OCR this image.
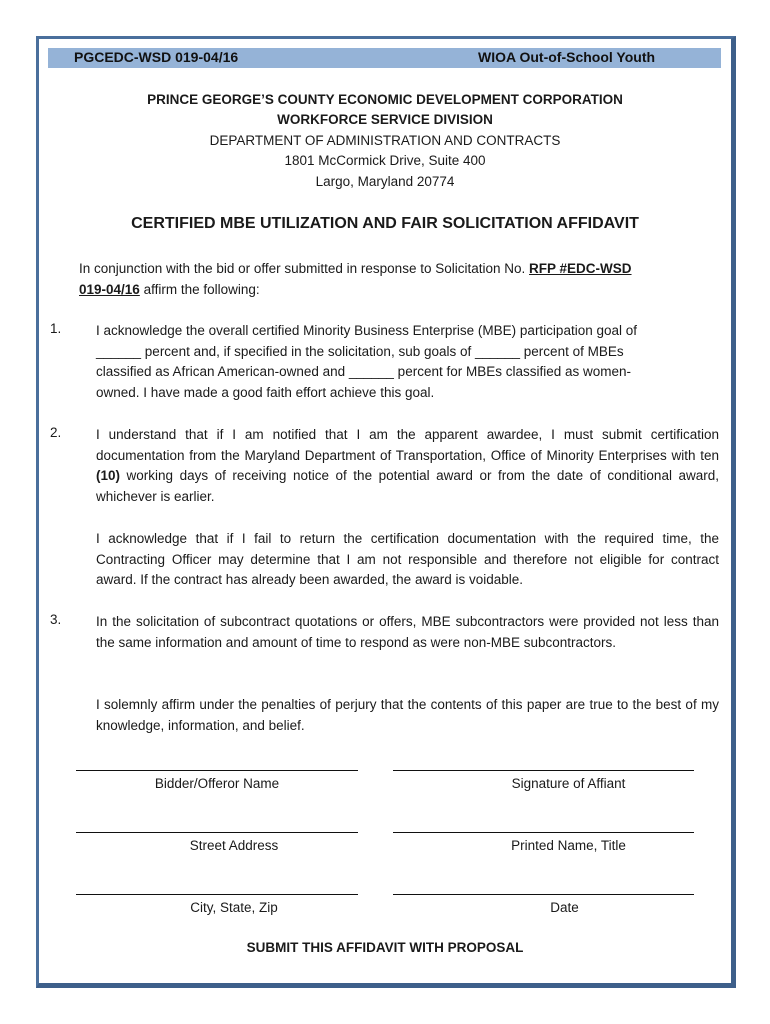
PGCEDC-WSD 019-04/16	WIOA Out-of-School Youth
PRINCE GEORGE’S COUNTY ECONOMIC DEVELOPMENT CORPORATION
WORKFORCE SERVICE DIVISION
DEPARTMENT OF ADMINISTRATION AND CONTRACTS
1801 McCormick Drive, Suite 400
Largo, Maryland 20774
CERTIFIED MBE UTILIZATION AND FAIR SOLICITATION AFFIDAVIT
In conjunction with the bid or offer submitted in response to Solicitation No. RFP #EDC-WSD
019-04/16 affirm the following:
1.	I acknowledge the overall certified Minority Business Enterprise (MBE) participation goal of
______ percent and, if specified in the solicitation, sub goals of ______ percent of MBEs
classified as African American-owned and ______ percent for MBEs classified as women-
owned. I have made a good faith effort achieve this goal.
2.	I understand that if I am notified that I am the apparent awardee, I must submit certification documentation from the Maryland Department of Transportation, Office of Minority Enterprises with ten (10) working days of receiving notice of the potential award or from the date of conditional award, whichever is earlier.
I acknowledge that if I fail to return the certification documentation with the required time, the Contracting Officer may determine that I am not responsible and therefore not eligible for contract award. If the contract has already been awarded, the award is voidable.
3.	In the solicitation of subcontract quotations or offers, MBE subcontractors were provided not less than the same information and amount of time to respond as were non-MBE subcontractors.
I solemnly affirm under the penalties of perjury that the contents of this paper are true to the best of my knowledge, information, and belief.
Bidder/Offeror Name	Signature of Affiant
Street Address	Printed Name, Title
City, State, Zip	Date
SUBMIT THIS AFFIDAVIT WITH PROPOSAL
